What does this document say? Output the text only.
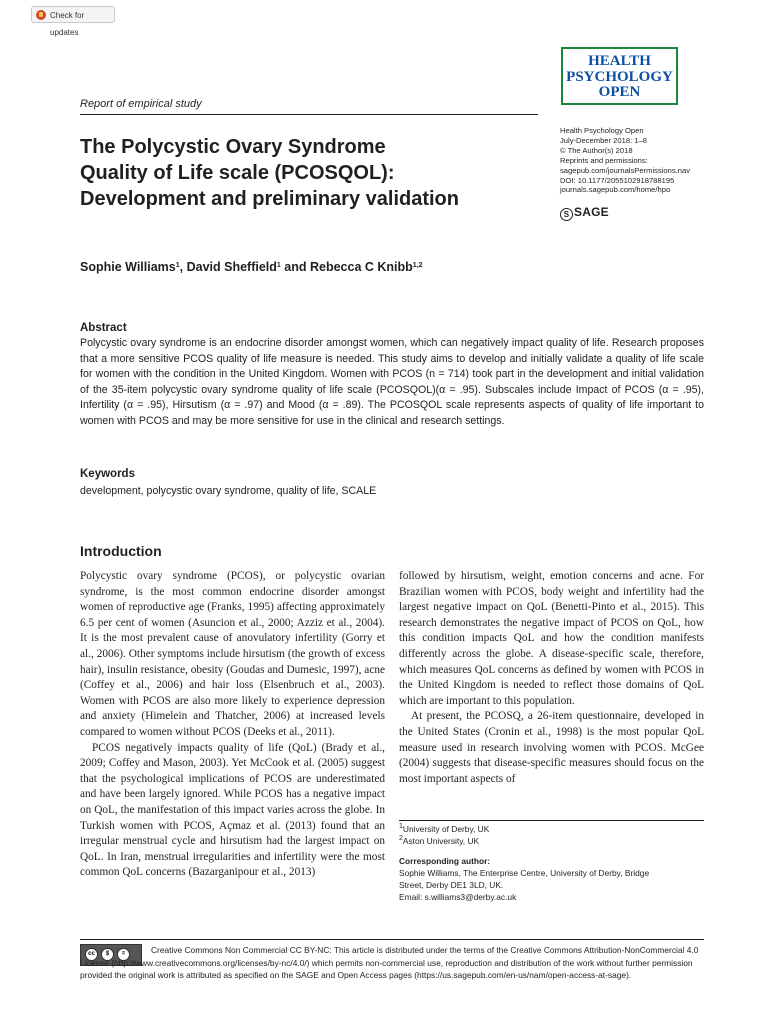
Check for updates
HEALTH
PSYCHOLOGY
OPEN
Report of empirical study
The Polycystic Ovary Syndrome
Quality of Life scale (PCOSQOL):
Development and preliminary validation
Health Psychology Open
July-December 2018: 1–8
© The Author(s) 2018
Reprints and permissions:
sagepub.com/journalsPermissions.nav
DOI: 10.1177/2055102918788195
journals.sagepub.com/home/hpo
S SAGE
Sophie Williams$^1$, David Sheffield$^1$ and Rebecca C Knibb$^{1,2}$
Abstract
Polycystic ovary syndrome is an endocrine disorder amongst women, which can negatively impact quality of life. Research proposes that a more sensitive PCOS quality of life measure is needed. This study aims to develop and initially validate a quality of life scale for women with the condition in the United Kingdom. Women with PCOS (n = 714) took part in the development and initial validation of the 35-item polycystic ovary syndrome quality of life scale (PCOSQOL)(α = .95). Subscales include Impact of PCOS (α = .95), Infertility (α = .95), Hirsutism (α = .97) and Mood (α = .89). The PCOSQOL scale represents aspects of quality of life important to women with PCOS and may be more sensitive for use in the clinical and research settings.
Keywords
development, polycystic ovary syndrome, quality of life, SCALE
Introduction

Polycystic ovary syndrome (PCOS), or polycystic ovarian syndrome, is the most common endocrine disorder amongst women of reproductive age (Franks, 1995) affecting approximately 6.5 per cent of women (Asuncion et al., 2000; Azziz et al., 2004). It is the most prevalent cause of anovulatory infertility (Gorry et al., 2006). Other symptoms include hirsutism (the growth of excess hair), insulin resistance, obesity (Goudas and Dumesic, 1997), acne (Coffey et al., 2006) and hair loss (Elsenbruch et al., 2003). Women with PCOS are also more likely to experience depression and anxiety (Himelein and Thatcher, 2006) at increased levels compared to women without PCOS (Deeks et al., 2011).

PCOS negatively impacts quality of life (QoL) (Brady et al., 2009; Coffey and Mason, 2003). Yet McCook et al. (2005) suggest that the psychological implications of PCOS are underestimated and have been largely ignored. While PCOS has a negative impact on QoL, the manifestation of this impact varies across the globe. In Turkish women with PCOS, Açmaz et al. (2013) found that an irregular menstrual cycle and hirsutism had the largest impact on QoL. In Iran, menstrual irregularities and infertility were the most common QoL concerns (Bazarganipour et al., 2013)

followed by hirsutism, weight, emotion concerns and acne. For Brazilian women with PCOS, body weight and infertility had the largest negative impact on QoL (Benetti-Pinto et al., 2015). This research demonstrates the negative impact of PCOS on QoL, how this condition impacts QoL and how the condition manifests differently across the globe. A disease-specific scale, therefore, which measures QoL concerns as defined by women with PCOS in the United Kingdom is needed to reflect those domains of QoL which are important to this population.

At present, the PCOSQ, a 26-item questionnaire, developed in the United States (Cronin et al., 1998) is the most popular QoL measure used in research involving women with PCOS. McGee (2004) suggests that disease-specific measures should focus on the most important aspects of

$^1$University of Derby, UK
$^2$Aston University, UK
Corresponding author:
Sophie Williams, The Enterprise Centre, University of Derby, Bridge
Street, Derby DE1 3LD, UK.
Email: s.williams3@derby.ac.uk
cc	$	=	Creative Commons Non Commercial CC BY-NC: This article is distributed under the terms of the Creative Commons Attribution-NonCommercial 4.0 License (http://www.creativecommons.org/licenses/by-nc/4.0/) which permits non-commercial use, reproduction and distribution of the work without further permission provided the original work is attributed as specified on the SAGE and Open Access pages (https://us.sagepub.com/en-us/nam/open-access-at-sage).
